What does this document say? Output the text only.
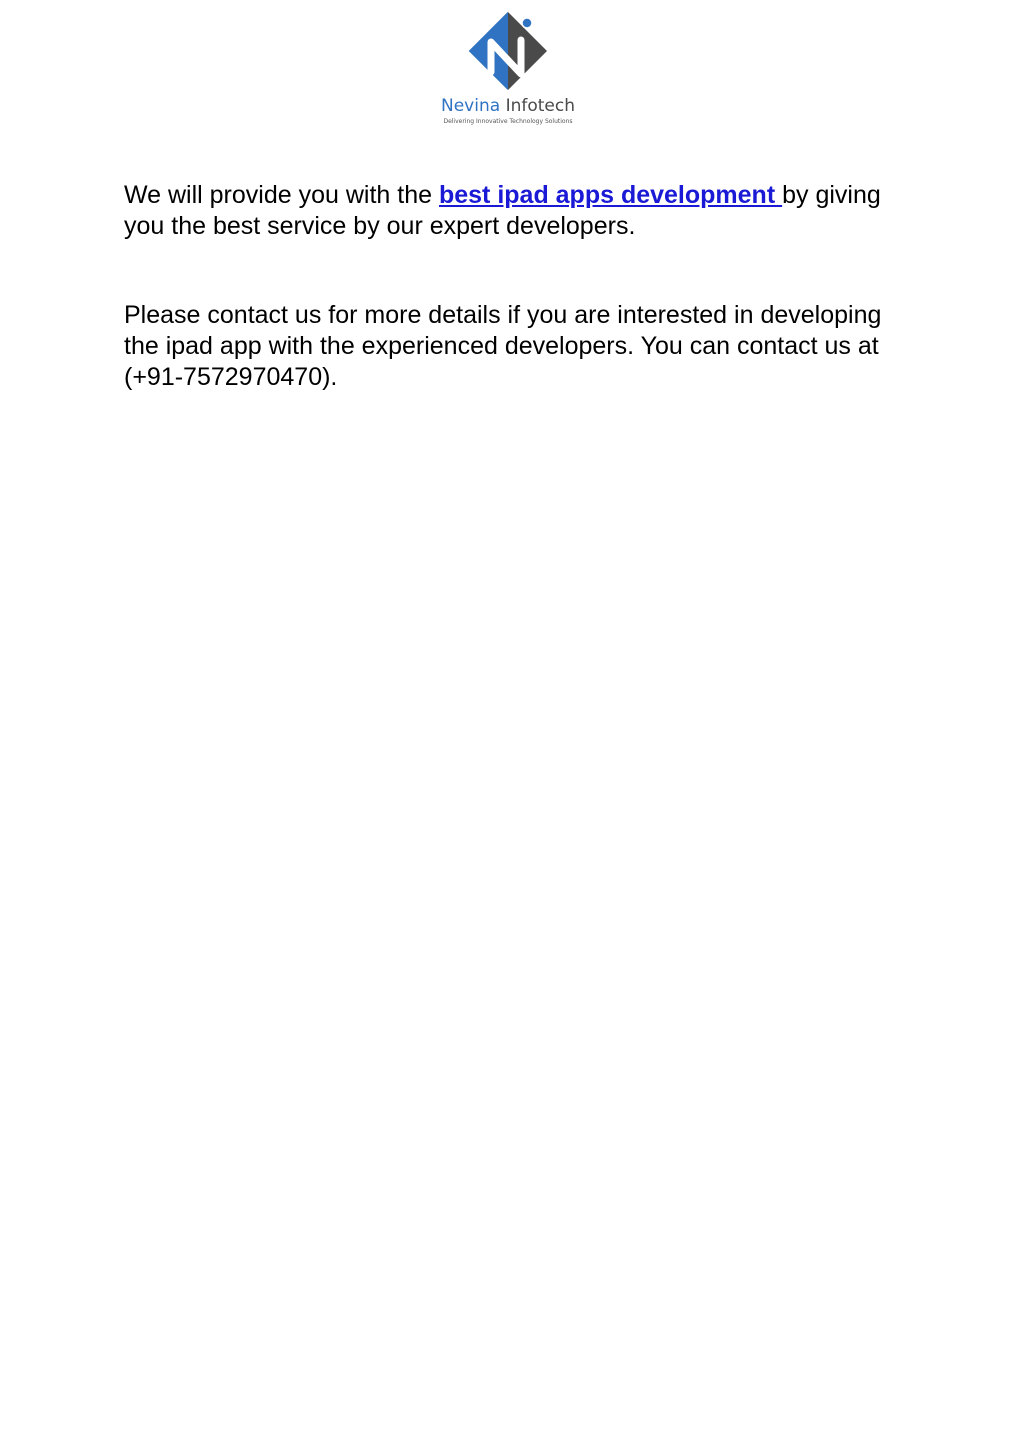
Nevina Infotech
Delivering Innovative Technology Solutions

We will provide you with the best ipad apps development by giving you the best service by our expert developers.

Please contact us for more details if you are interested in developing the ipad app with the experienced developers. You can contact us at (+91-7572970470).
